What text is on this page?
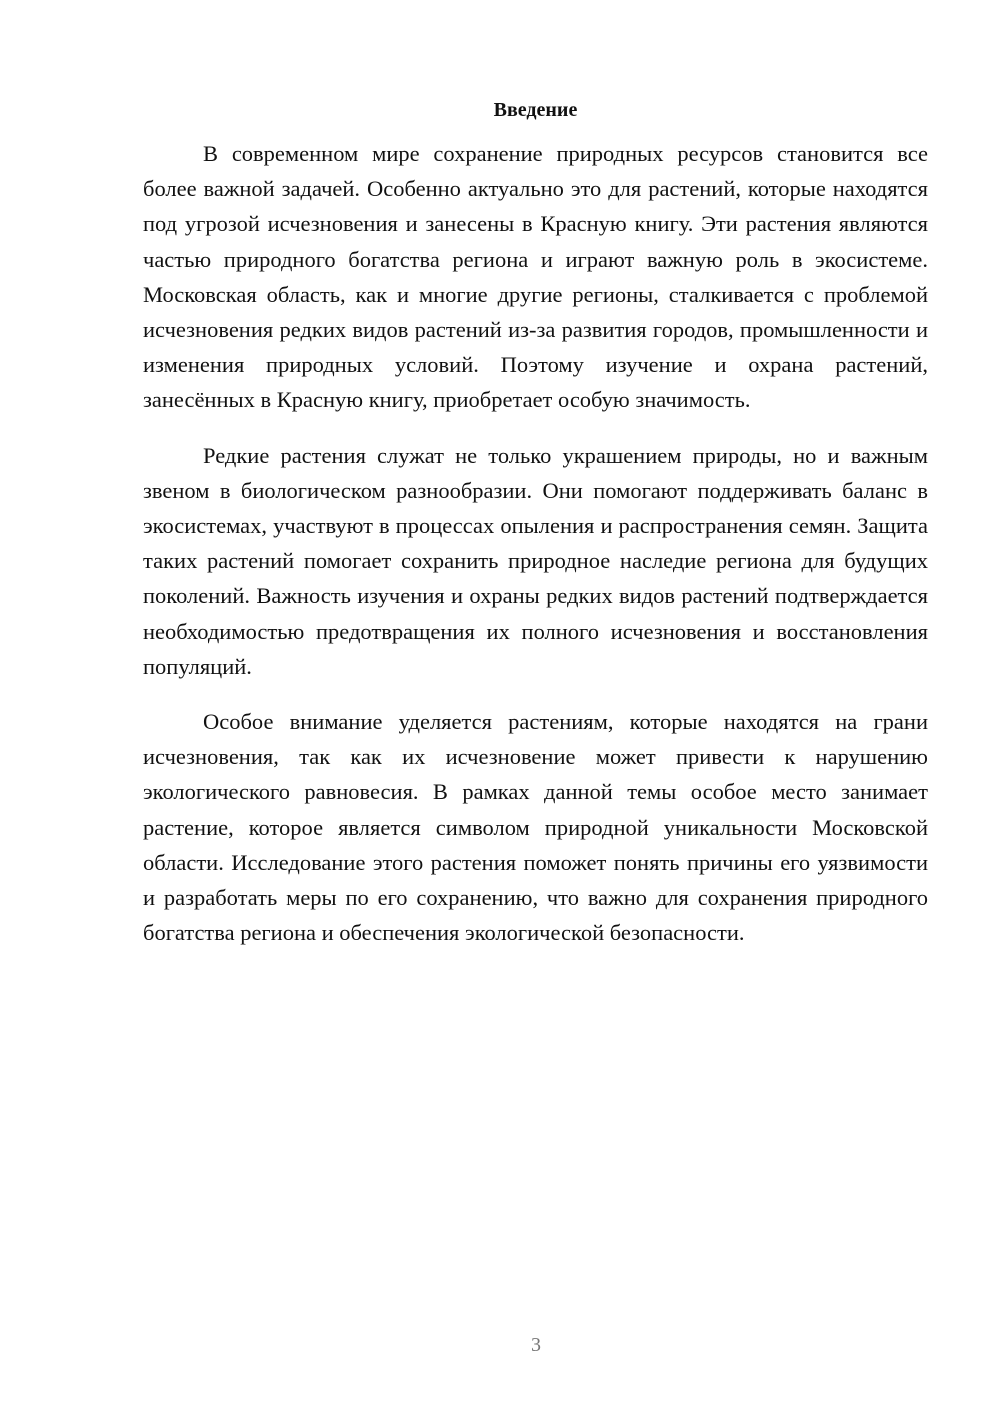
Введение

В современном мире сохранение природных ресурсов становится все более важной задачей. Особенно актуально это для растений, которые находятся под угрозой исчезновения и занесены в Красную книгу. Эти растения являются частью природного богатства региона и играют важную роль в экосистеме. Московская область, как и многие другие регионы, сталкивается с проблемой исчезновения редких видов растений из-за развития городов, промышленности и изменения природных условий. Поэтому изучение и охрана растений, занесённых в Красную книгу, приобретает особую значимость.

Редкие растения служат не только украшением природы, но и важным звеном в биологическом разнообразии. Они помогают поддерживать баланс в экосистемах, участвуют в процессах опыления и распространения семян. Защита таких растений помогает сохранить природное наследие региона для будущих поколений. Важность изучения и охраны редких видов растений подтверждается необходимостью предотвращения их полного исчезновения и восстановления популяций.

Особое внимание уделяется растениям, которые находятся на грани исчезновения, так как их исчезновение может привести к нарушению экологического равновесия. В рамках данной темы особое место занимает растение, которое является символом природной уникальности Московской области. Исследование этого растения поможет понять причины его уязвимости и разработать меры по его сохранению, что важно для сохранения природного богатства региона и обеспечения экологической безопасности.

3
